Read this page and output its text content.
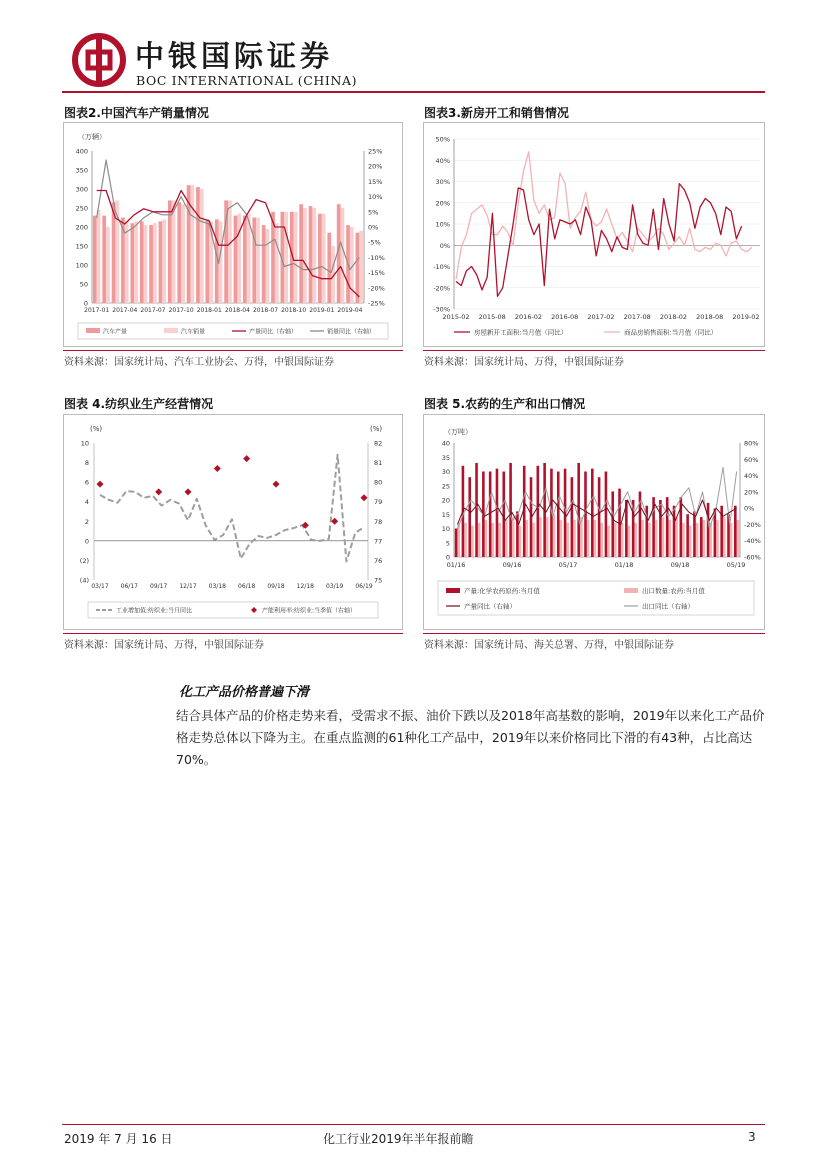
中银国际证券
BOC INTERNATIONAL (CHINA)
图表2.中国汽车产销量情况
（万辆）
0
50
100
150
200
250
300
350
400	25%
20%
15%
10%
5%
0%
-5%
-10%
-15%
-20%
-25%
2017-01 2017-04 2017-07 2017-10 2018-01 2018-04 2018-07 2018-10 2019-01 2019-04
汽车产量	汽车销量	产量同比（右轴）	销量同比（右轴）
资料来源：国家统计局、汽车工业协会、万得，中银国际证券
图表3.新房开工和销售情况
50%
40%
30%
20%
10%
0%
-10%
-20%
-30%
2015-02 2015-08 2016-02 2016-08 2017-02 2017-08 2018-02 2018-08 2019-02
房屋新开工面积:当月值（同比）	商品房销售面积:当月值（同比）
资料来源：国家统计局、万得，中银国际证券
图表 4.纺织业生产经营情况
(%)	(%)
10
8
6
4
2
0
(2)
(4)
82
81
80
79
78
77
76
75
03/17 06/17 09/17 12/17 03/18 06/18 09/18 12/18 03/19 06/19
工业增加值:纺织业:当月同比	产能利用率:纺织业:当季值（右轴）
资料来源：国家统计局、万得，中银国际证券
图表 5.农药的生产和出口情况
（万吨）
40
35
30
25
20
15
10
5
0
80%
60%
40%
20%
0%
-20%
-40%
-60%
01/16	09/16	05/17	01/18	09/18	05/19
产量:化学农药原药:当月值	出口数量:农药:当月值
产量同比（右轴）	出口同比（右轴）
资料来源：国家统计局、海关总署、万得，中银国际证券
化工产品价格普遍下滑
结合具体产品的价格走势来看，受需求不振、油价下跌以及2018年高基数的影响，2019年以来化工产品价格走势总体以下降为主。在重点监测的61种化工产品中，2019年以来价格同比下滑的有43种，占比高达70%。
2019 年 7 月 16 日	化工行业2019年半年报前瞻	3
